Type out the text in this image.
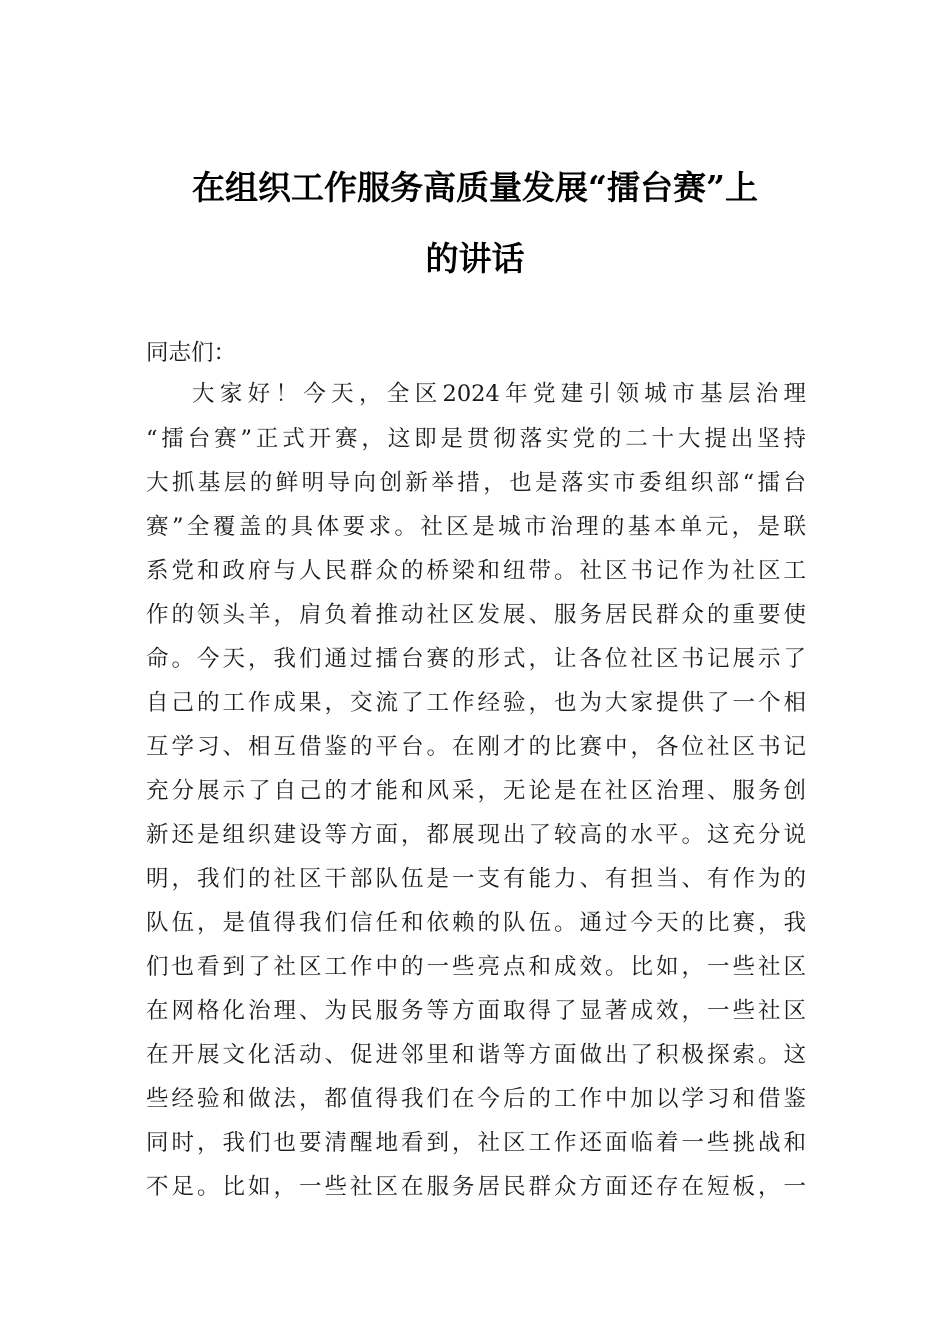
在组织工作服务高质量发展“擂台赛”上
的讲话
同志们：
大家好！今天，全区2024年党建引领城市基层治理
“擂台赛”正式开赛，这即是贯彻落实党的二十大提出坚持
大抓基层的鲜明导向创新举措，也是落实市委组织部“擂台
赛”全覆盖的具体要求。社区是城市治理的基本单元，是联
系党和政府与人民群众的桥梁和纽带。社区书记作为社区工
作的领头羊，肩负着推动社区发展、服务居民群众的重要使
命。今天，我们通过擂台赛的形式，让各位社区书记展示了
自己的工作成果，交流了工作经验，也为大家提供了一个相
互学习、相互借鉴的平台。在刚才的比赛中，各位社区书记
充分展示了自己的才能和风采，无论是在社区治理、服务创
新还是组织建设等方面，都展现出了较高的水平。这充分说
明，我们的社区干部队伍是一支有能力、有担当、有作为的
队伍，是值得我们信任和依赖的队伍。通过今天的比赛，我
们也看到了社区工作中的一些亮点和成效。比如，一些社区
在网格化治理、为民服务等方面取得了显著成效，一些社区
在开展文化活动、促进邻里和谐等方面做出了积极探索。这
些经验和做法，都值得我们在今后的工作中加以学习和借鉴
同时，我们也要清醒地看到，社区工作还面临着一些挑战和
不足。比如，一些社区在服务居民群众方面还存在短板，一
